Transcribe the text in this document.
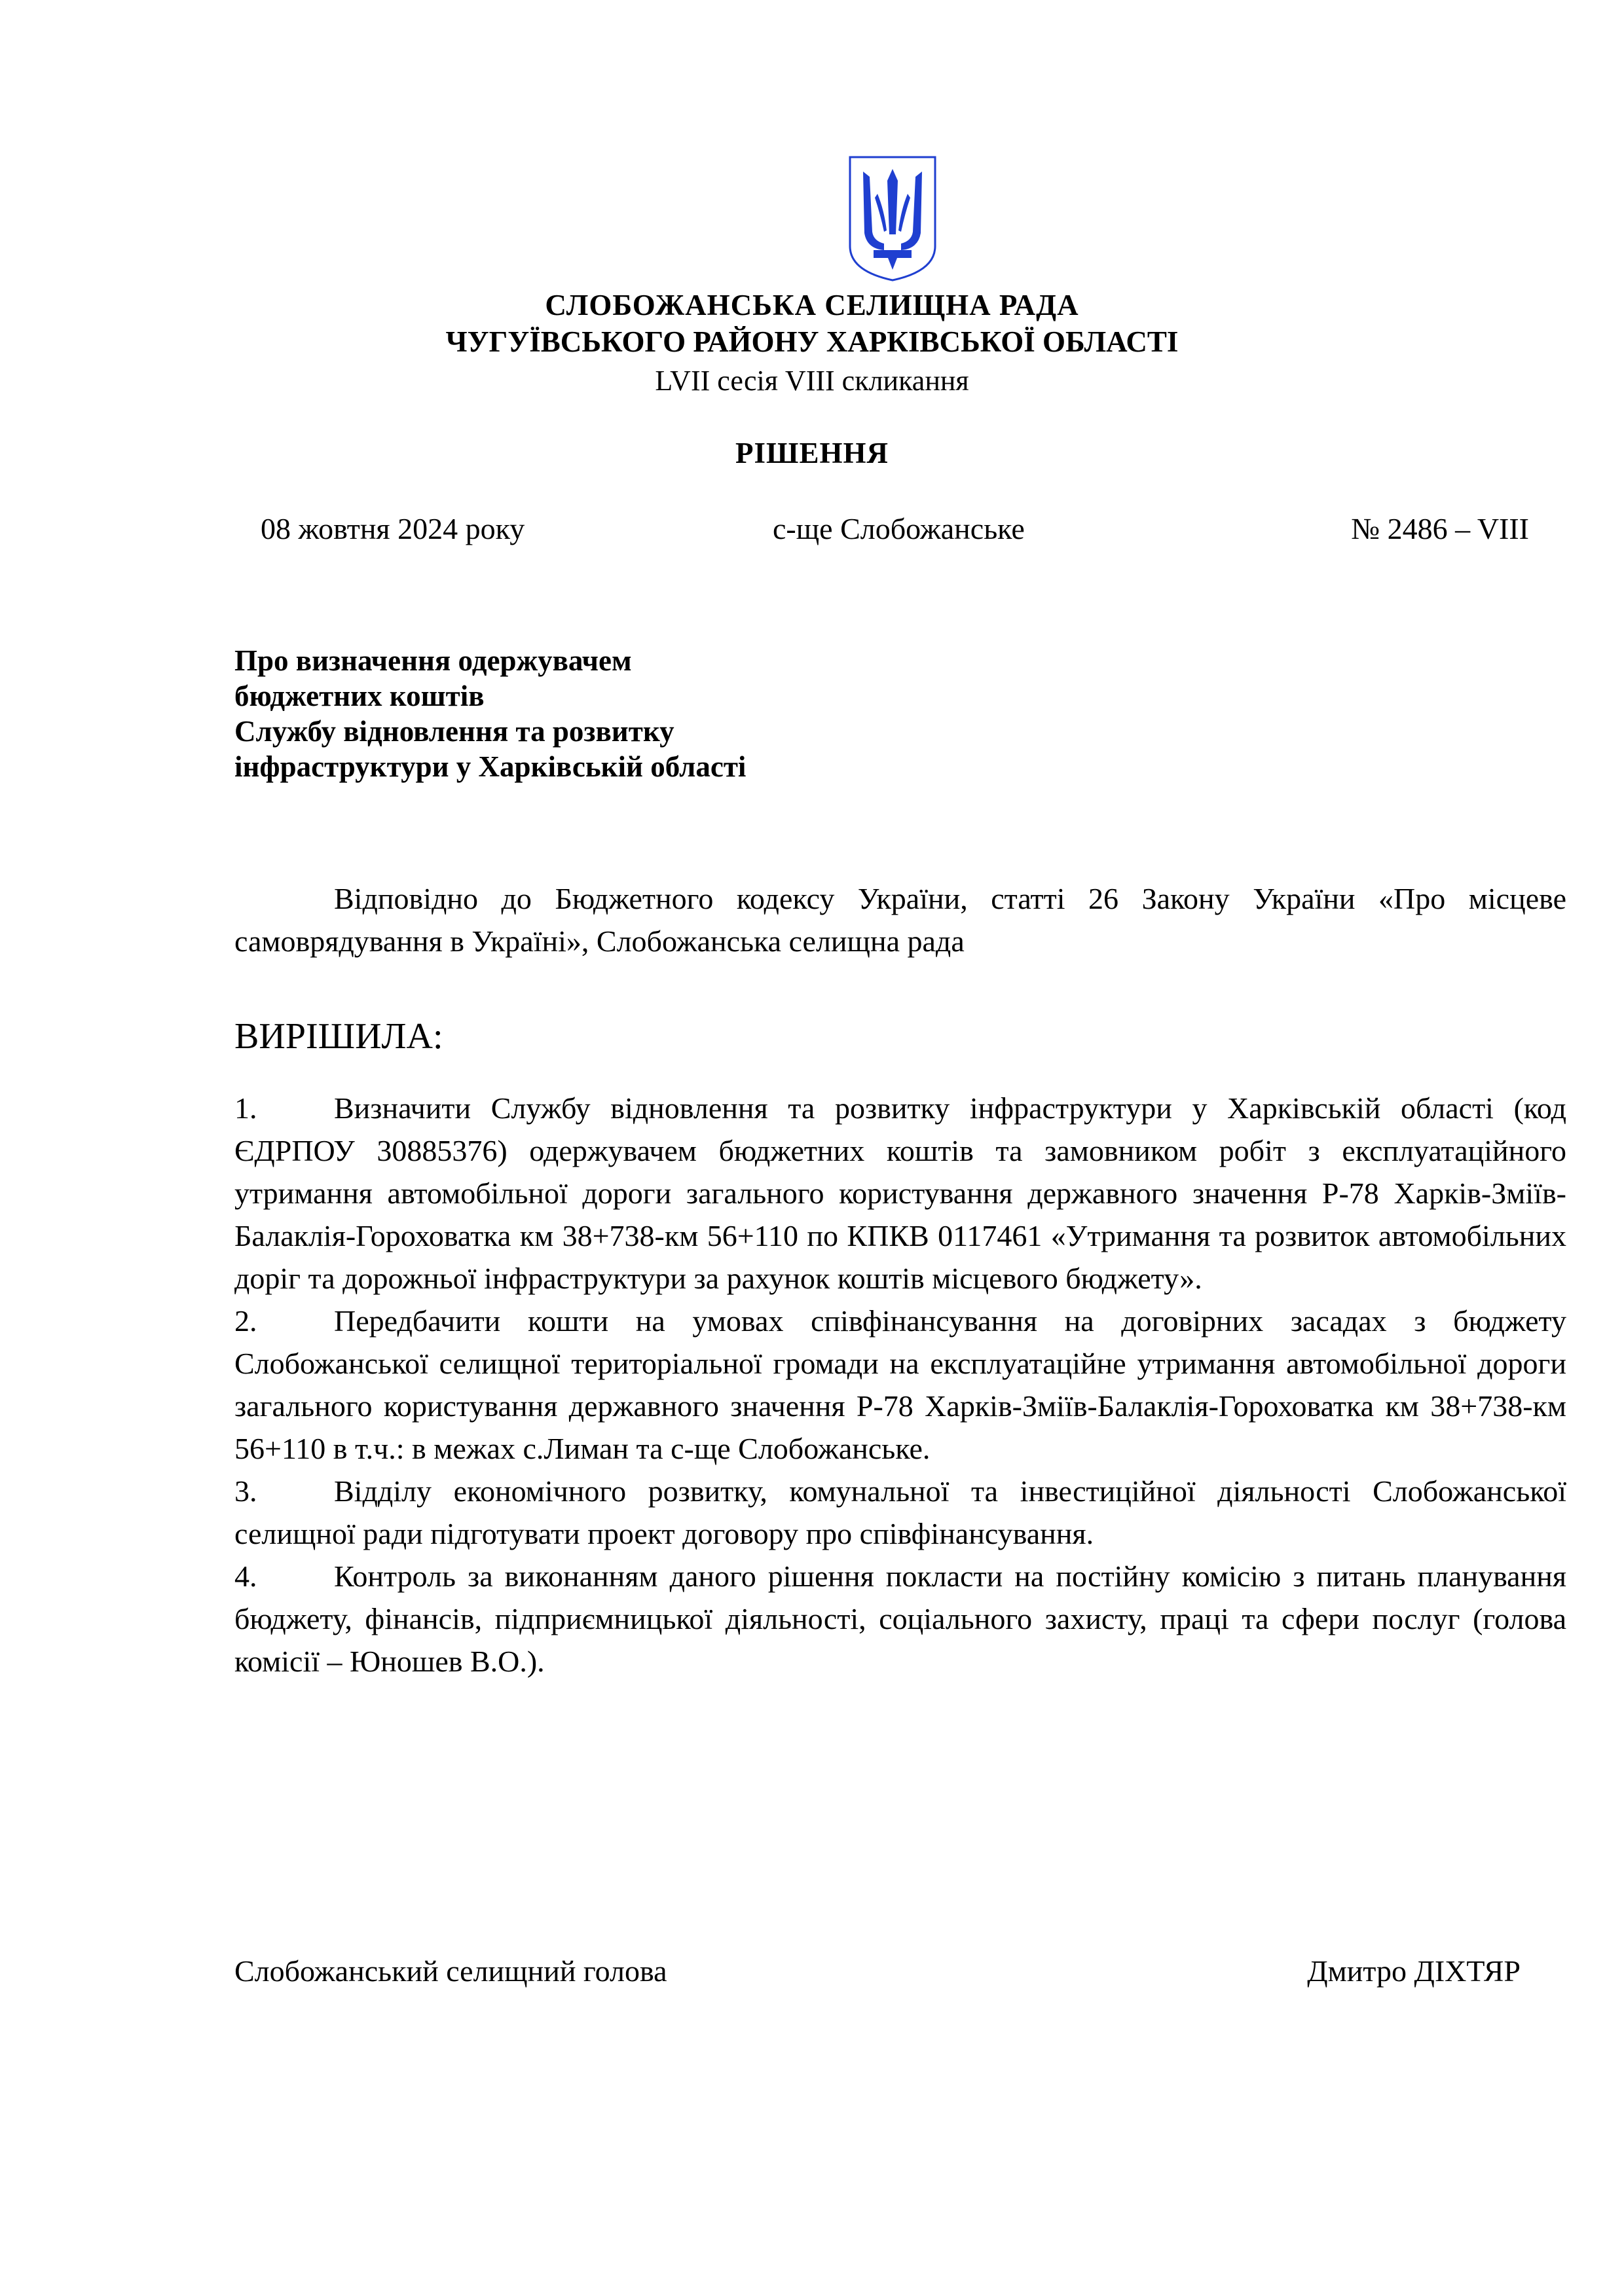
СЛОБОЖАНСЬКА СЕЛИЩНА РАДА
ЧУГУЇВСЬКОГО РАЙОНУ ХАРКІВСЬКОЇ ОБЛАСТІ
LVII сесія VIII скликання
РІШЕННЯ
08 жовтня 2024 року	с-ще Слобожанське	№ 2486 – VIII
Про визначення одержувачем
бюджетних коштів
Службу відновлення та розвитку
інфраструктури у Харківській області
Відповідно до Бюджетного кодексу України, статті 26 Закону України «Про місцеве самоврядування в Україні», Слобожанська селищна рада
ВИРІШИЛА:
1.	Визначити Службу відновлення та розвитку інфраструктури у Харківській області (код ЄДРПОУ 30885376) одержувачем бюджетних коштів та замовником робіт з експлуатаційного утримання автомобільної дороги загального користування державного значення Р-78 Харків-Зміїв-Балаклія-Гороховатка км 38+738-км 56+110 по КПКВ 0117461 «Утримання та розвиток автомобільних доріг та дорожньої інфраструктури за рахунок коштів місцевого бюджету».
2.	Передбачити кошти на умовах співфінансування на договірних засадах з бюджету Слобожанської селищної територіальної громади на експлуатаційне утримання автомобільної дороги загального користування державного значення Р-78 Харків-Зміїв-Балаклія-Гороховатка км 38+738-км 56+110 в т.ч.: в межах с.Лиман та с-ще Слобожанське.
3.	Відділу економічного розвитку, комунальної та інвестиційної діяльності Слобожанської селищної ради підготувати проект договору про співфінансування.
4.	Контроль за виконанням даного рішення покласти на постійну комісію з питань планування бюджету, фінансів, підприємницької діяльності, соціального захисту, праці та сфери послуг (голова комісії – Юношев В.О.).
Слобожанський селищний голова	Дмитро ДІХТЯР
